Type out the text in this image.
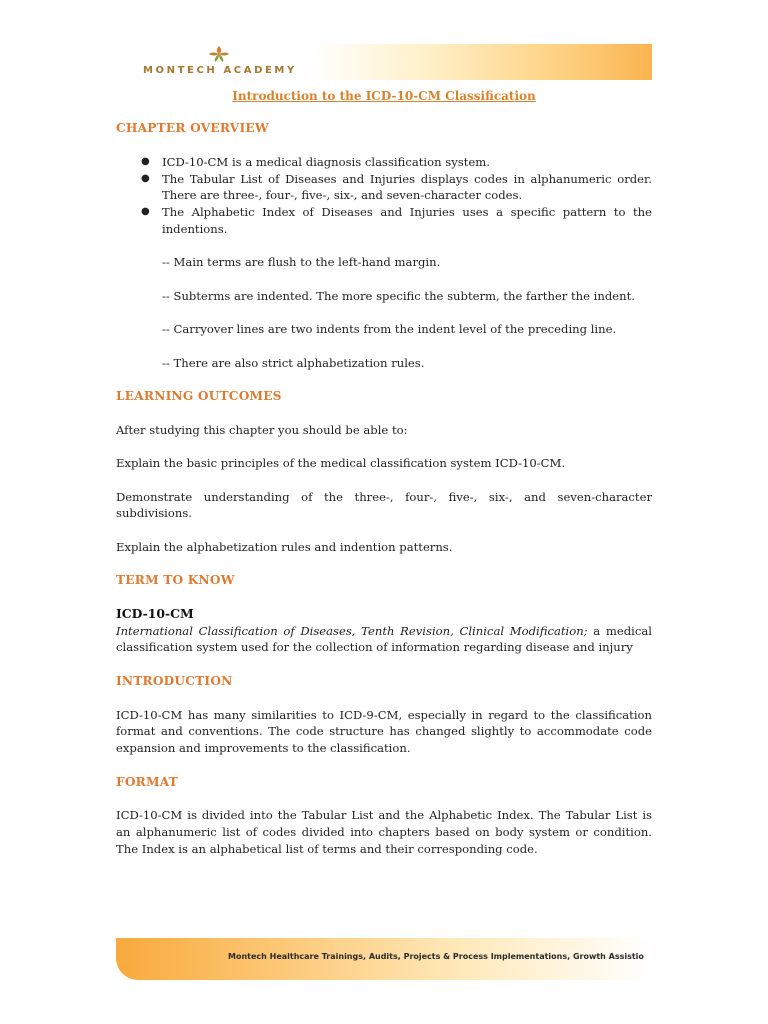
MONTECH ACADEMY
Introduction to the ICD-10-CM Classification
CHAPTER OVERVIEW
● ICD-10-CM is a medical diagnosis classification system.
● The Tabular List of Diseases and Injuries displays codes in alphanumeric order. There are three-, four-, five-, six-, and seven-character codes.
● The Alphabetic Index of Diseases and Injuries uses a specific pattern to the indentions.
-- Main terms are flush to the left-hand margin.
-- Subterms are indented. The more specific the subterm, the farther the indent.
-- Carryover lines are two indents from the indent level of the preceding line.
-- There are also strict alphabetization rules.
LEARNING OUTCOMES

After studying this chapter you should be able to:

Explain the basic principles of the medical classification system ICD-10-CM.

Demonstrate understanding of the three-, four-, five-, six-, and seven-character subdivisions.

Explain the alphabetization rules and indention patterns.

TERM TO KNOW
ICD-10-CM

International Classification of Diseases, Tenth Revision, Clinical Modification; a medical classification system used for the collection of information regarding disease and injury

INTRODUCTION

ICD-10-CM has many similarities to ICD-9-CM, especially in regard to the classification format and conventions. The code structure has changed slightly to accommodate code expansion and improvements to the classification.

FORMAT

ICD-10-CM is divided into the Tabular List and the Alphabetic Index. The Tabular List is an alphanumeric list of codes divided into chapters based on body system or condition. The Index is an alphabetical list of terms and their corresponding code.

Montech Healthcare Trainings, Audits, Projects & Process Implementations, Growth Assistio
